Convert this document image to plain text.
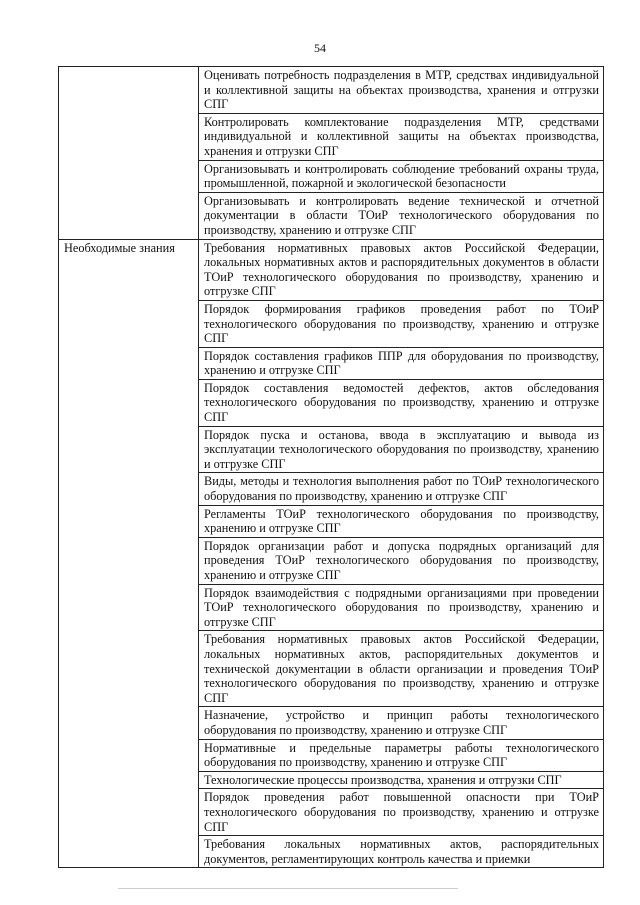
54
	Оценивать потребность подразделения в МТР, средствах индивидуальной и коллективной защиты на объектах производства, хранения и отгрузки СПГ
	Контролировать комплектование подразделения МТР, средствами индивидуальной и коллективной защиты на объектах производства, хранения и отгрузки СПГ
	Организовывать и контролировать соблюдение требований охраны труда, промышленной, пожарной и экологической безопасности
	Организовывать и контролировать ведение технической и отчетной документации в области ТОиР технологического оборудования по производству, хранению и отгрузке СПГ
Необходимые знания	Требования нормативных правовых актов Российской Федерации, локальных нормативных актов и распорядительных документов в области ТОиР технологического оборудования по производству, хранению и отгрузке СПГ
	Порядок формирования графиков проведения работ по ТОиР технологического оборудования по производству, хранению и отгрузке СПГ
	Порядок составления графиков ППР для оборудования по производству, хранению и отгрузке СПГ
	Порядок составления ведомостей дефектов, актов обследования технологического оборудования по производству, хранению и отгрузке СПГ
	Порядок пуска и останова, ввода в эксплуатацию и вывода из эксплуатации технологического оборудования по производству, хранению и отгрузке СПГ
	Виды, методы и технология выполнения работ по ТОиР технологического оборудования по производству, хранению и отгрузке СПГ
	Регламенты ТОиР технологического оборудования по производству, хранению и отгрузке СПГ
	Порядок организации работ и допуска подрядных организаций для проведения ТОиР технологического оборудования по производству, хранению и отгрузке СПГ
	Порядок взаимодействия с подрядными организациями при проведении ТОиР технологического оборудования по производству, хранению и отгрузке СПГ
	Требования нормативных правовых актов Российской Федерации, локальных нормативных актов, распорядительных документов и технической документации в области организации и проведения ТОиР технологического оборудования по производству, хранению и отгрузке СПГ
	Назначение, устройство и принцип работы технологического оборудования по производству, хранению и отгрузке СПГ
	Нормативные и предельные параметры работы технологического оборудования по производству, хранению и отгрузке СПГ
	Технологические процессы производства, хранения и отгрузки СПГ
	Порядок проведения работ повышенной опасности при ТОиР технологического оборудования по производству, хранению и отгрузке СПГ
	Требования локальных нормативных актов, распорядительных документов, регламентирующих контроль качества и приемки
